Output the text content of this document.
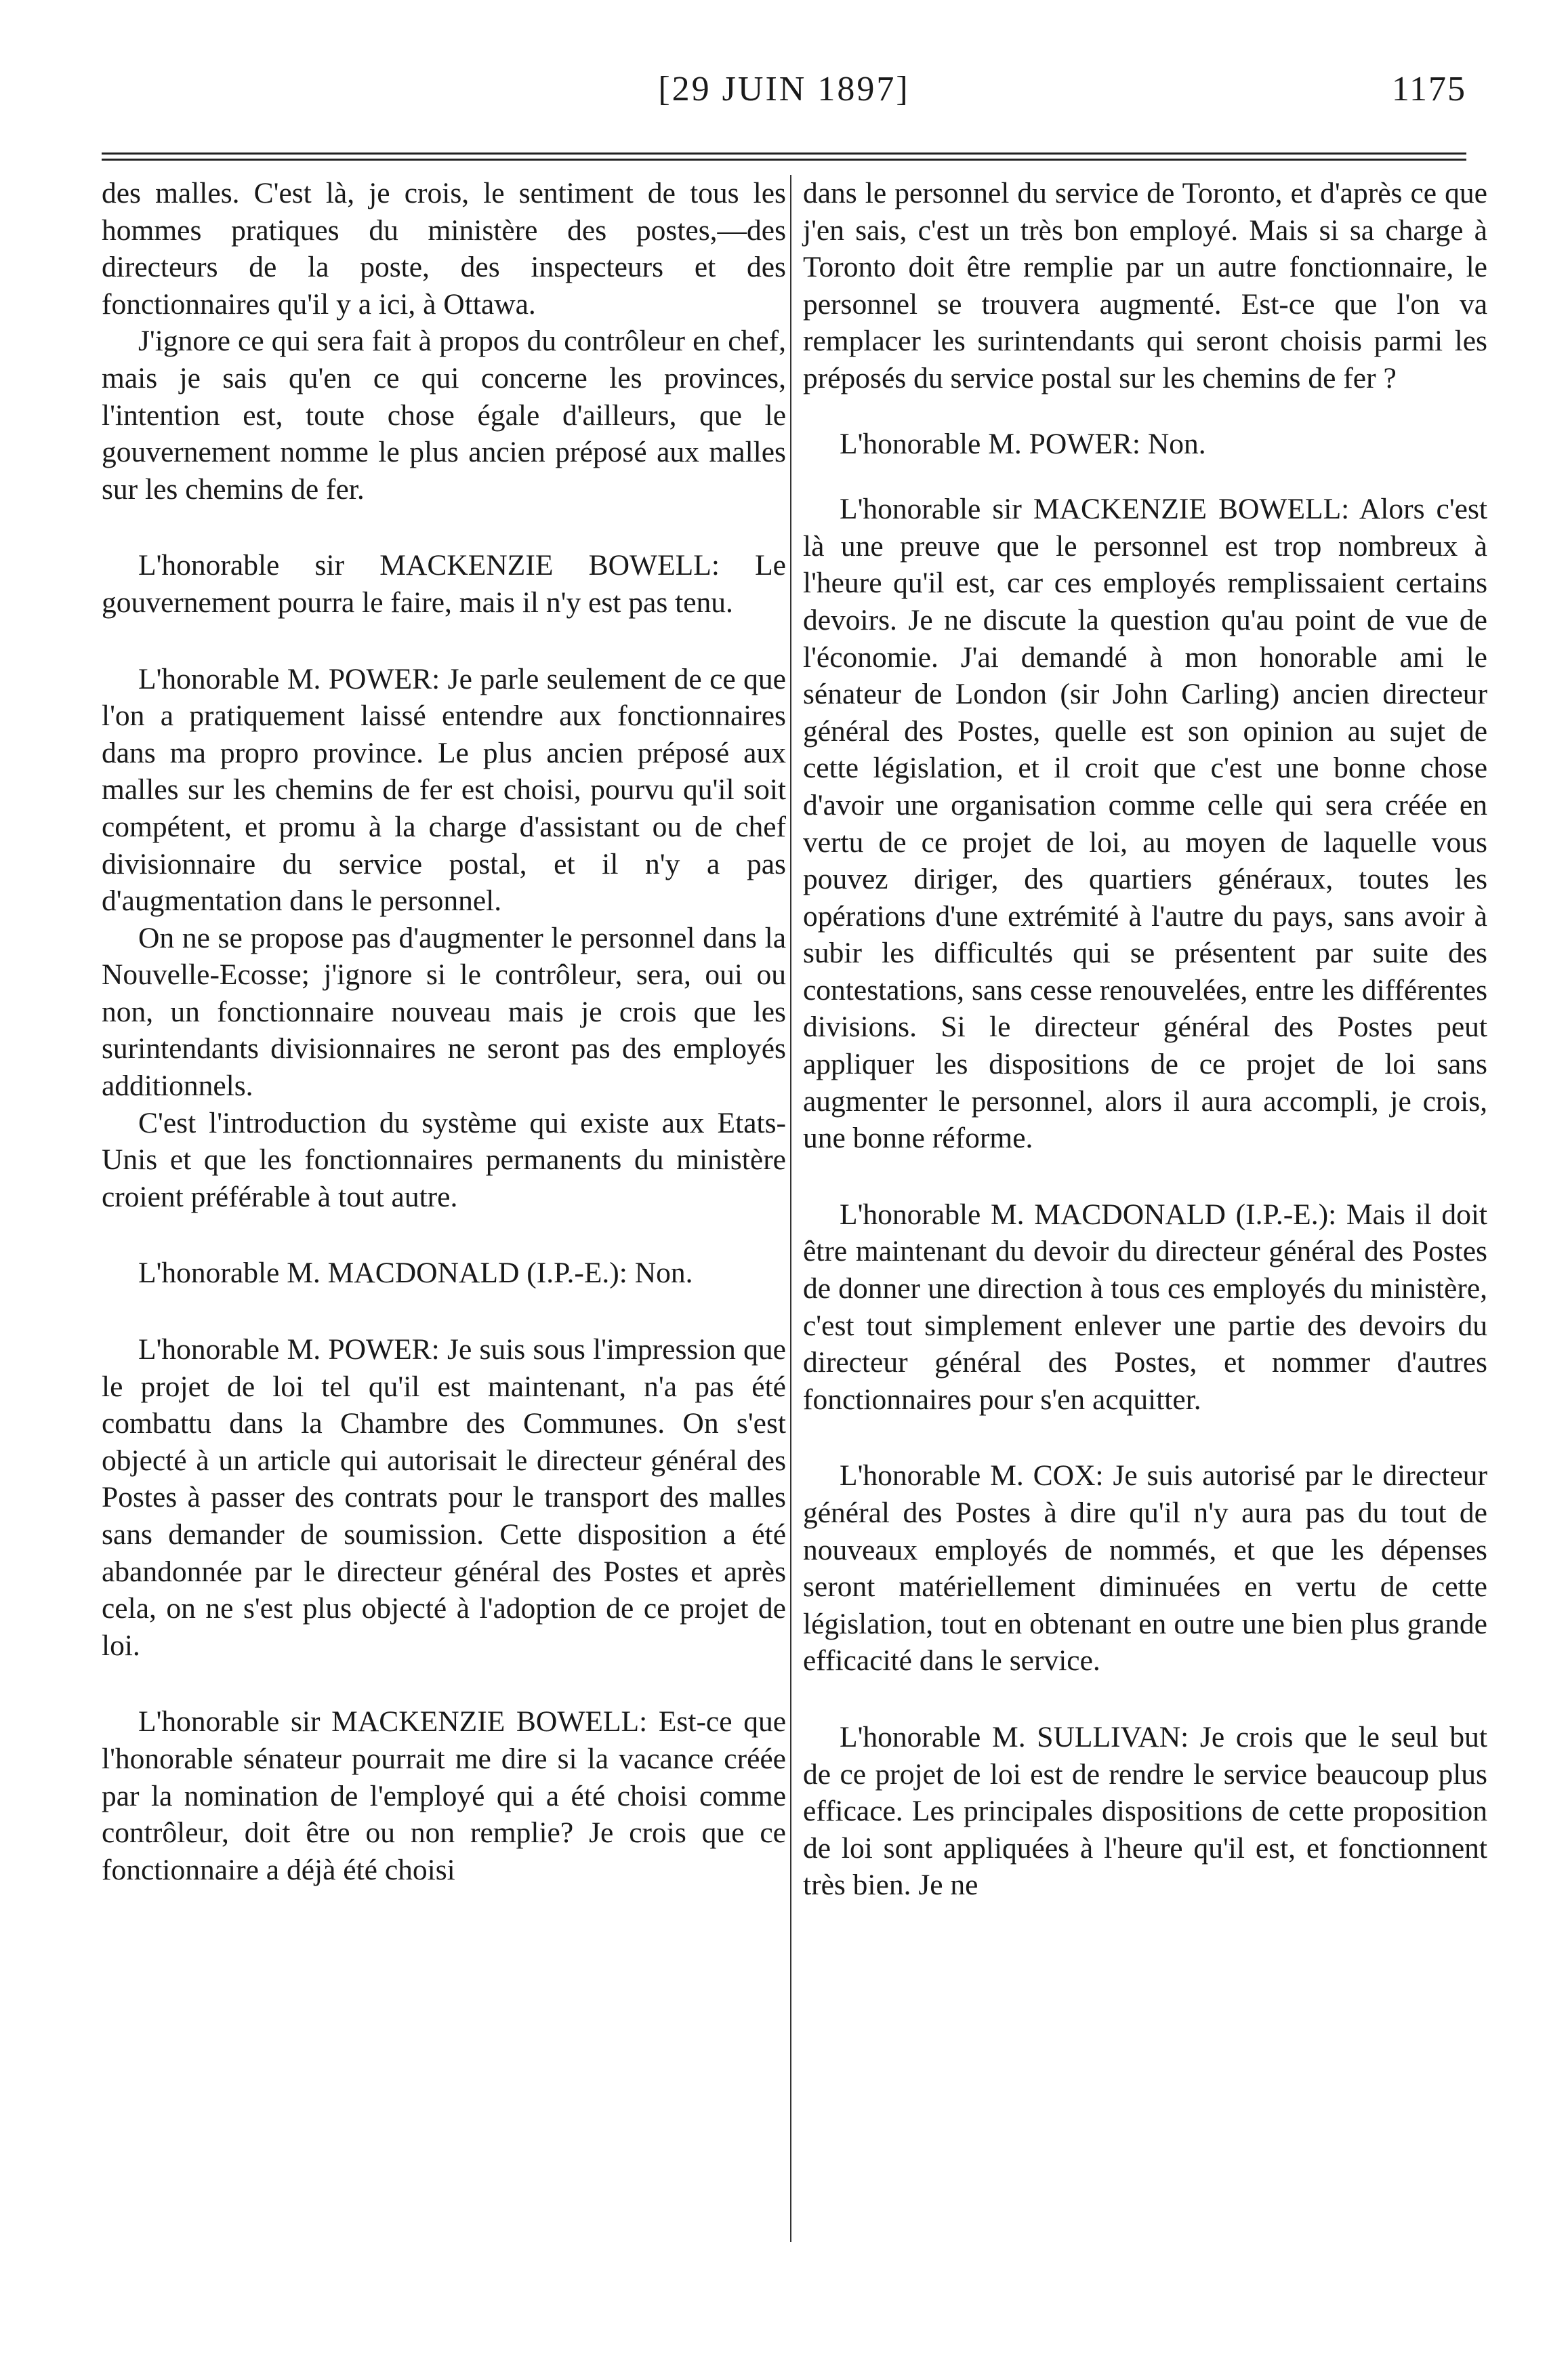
[29 JUIN 1897]	1175

des malles. C'est là, je crois, le sentiment de tous les hommes pratiques du ministère des postes,—des directeurs de la poste, des inspecteurs et des fonctionnaires qu'il y a ici, à Ottawa.

J'ignore ce qui sera fait à propos du contrôleur en chef, mais je sais qu'en ce qui concerne les provinces, l'intention est, toute chose égale d'ailleurs, que le gouvernement nomme le plus ancien préposé aux malles sur les chemins de fer.

L'honorable sir MACKENZIE BOWELL: Le gouvernement pourra le faire, mais il n'y est pas tenu.

L'honorable M. POWER: Je parle seulement de ce que l'on a pratiquement laissé entendre aux fonctionnaires dans ma propro province. Le plus ancien préposé aux malles sur les chemins de fer est choisi, pourvu qu'il soit compétent, et promu à la charge d'assistant ou de chef divisionnaire du service postal, et il n'y a pas d'augmentation dans le personnel.

On ne se propose pas d'augmenter le personnel dans la Nouvelle-Ecosse; j'ignore si le contrôleur, sera, oui ou non, un fonctionnaire nouveau mais je crois que les surintendants divisionnaires ne seront pas des employés additionnels.

C'est l'introduction du système qui existe aux Etats-Unis et que les fonctionnaires permanents du ministère croient préférable à tout autre.

L'honorable M. MACDONALD (I.P.-E.): Non.

L'honorable M. POWER: Je suis sous l'impression que le projet de loi tel qu'il est maintenant, n'a pas été combattu dans la Chambre des Communes. On s'est objecté à un article qui autorisait le directeur général des Postes à passer des contrats pour le transport des malles sans demander de soumission. Cette disposition a été abandonnée par le directeur général des Postes et après cela, on ne s'est plus objecté à l'adoption de ce projet de loi.

L'honorable sir MACKENZIE BOWELL: Est-ce que l'honorable sénateur pourrait me dire si la vacance créée par la nomination de l'employé qui a été choisi comme contrôleur, doit être ou non remplie? Je crois que ce fonctionnaire a déjà été choisi

dans le personnel du service de Toronto, et d'après ce que j'en sais, c'est un très bon employé. Mais si sa charge à Toronto doit être remplie par un autre fonctionnaire, le personnel se trouvera augmenté. Est-ce que l'on va remplacer les surintendants qui seront choisis parmi les préposés du service postal sur les chemins de fer ?

L'honorable M. POWER: Non.

L'honorable sir MACKENZIE BOWELL: Alors c'est là une preuve que le personnel est trop nombreux à l'heure qu'il est, car ces employés remplissaient certains devoirs. Je ne discute la question qu'au point de vue de l'économie. J'ai demandé à mon honorable ami le sénateur de London (sir John Carling) ancien directeur général des Postes, quelle est son opinion au sujet de cette législation, et il croit que c'est une bonne chose d'avoir une organisation comme celle qui sera créée en vertu de ce projet de loi, au moyen de laquelle vous pouvez diriger, des quartiers généraux, toutes les opérations d'une extrémité à l'autre du pays, sans avoir à subir les difficultés qui se présentent par suite des contestations, sans cesse renouvelées, entre les différentes divisions. Si le directeur général des Postes peut appliquer les dispositions de ce projet de loi sans augmenter le personnel, alors il aura accompli, je crois, une bonne réforme.

L'honorable M. MACDONALD (I.P.-E.): Mais il doit être maintenant du devoir du directeur général des Postes de donner une direction à tous ces employés du ministère, c'est tout simplement enlever une partie des devoirs du directeur général des Postes, et nommer d'autres fonctionnaires pour s'en acquitter.

L'honorable M. COX: Je suis autorisé par le directeur général des Postes à dire qu'il n'y aura pas du tout de nouveaux employés de nommés, et que les dépenses seront matériellement diminuées en vertu de cette législation, tout en obtenant en outre une bien plus grande efficacité dans le service.

L'honorable M. SULLIVAN: Je crois que le seul but de ce projet de loi est de rendre le service beaucoup plus efficace. Les principales dispositions de cette proposition de loi sont appliquées à l'heure qu'il est, et fonctionnent très bien. Je ne
